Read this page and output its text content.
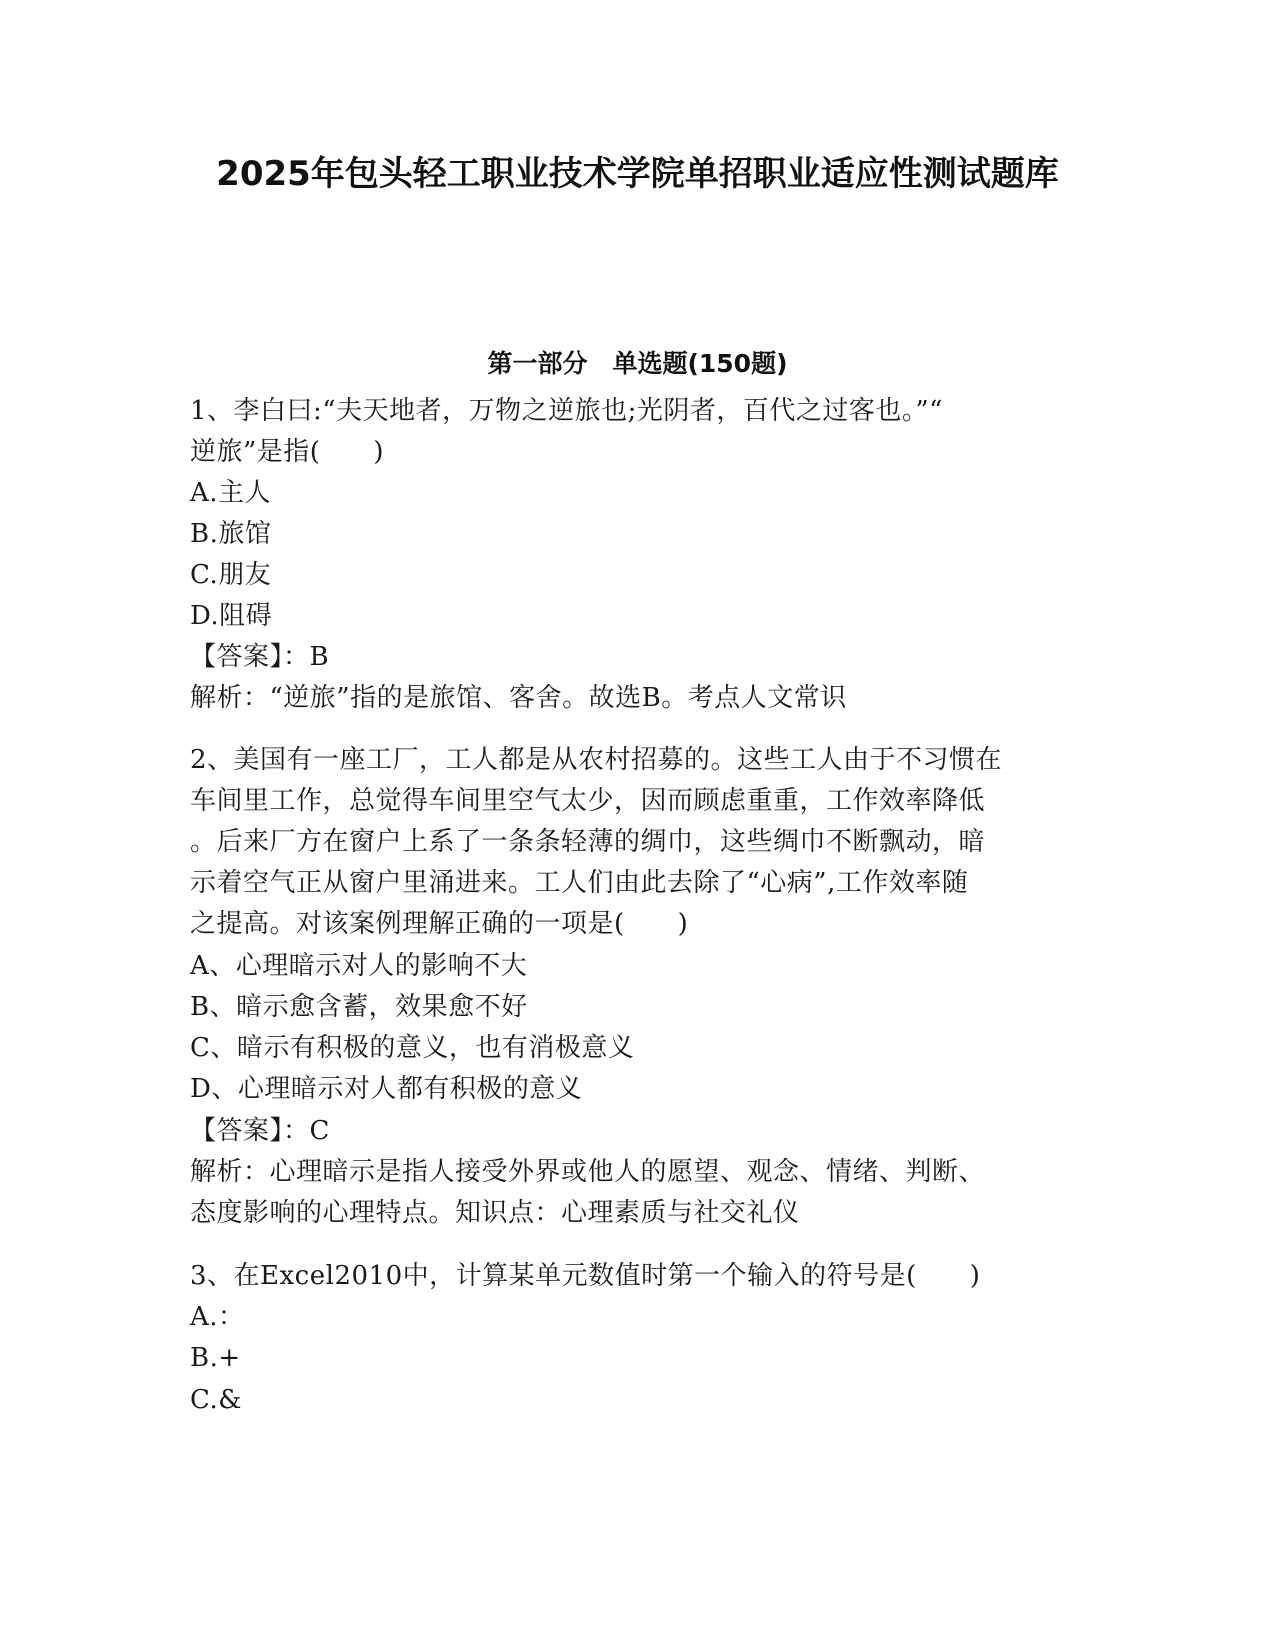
2025年包头轻工职业技术学院单招职业适应性测试题库
第一部分　单选题(150题)
1、李白曰:“夫天地者，万物之逆旅也;光阴者，百代之过客也。”“
逆旅”是指(　　)
A.主人
B.旅馆
C.朋友
D.阻碍
【答案】：B
解析：“逆旅”指的是旅馆、客舍。故选B。考点人文常识
2、美国有一座工厂，工人都是从农村招募的。这些工人由于不习惯在
车间里工作，总觉得车间里空气太少，因而顾虑重重，工作效率降低
。后来厂方在窗户上系了一条条轻薄的绸巾，这些绸巾不断飘动，暗
示着空气正从窗户里涌进来。工人们由此去除了“心病”,工作效率随
之提高。对该案例理解正确的一项是(　　)
A、心理暗示对人的影响不大
B、暗示愈含蓄，效果愈不好
C、暗示有积极的意义，也有消极意义
D、心理暗示对人都有积极的意义
【答案】：C
解析：心理暗示是指人接受外界或他人的愿望、观念、情绪、判断、
态度影响的心理特点。知识点：心理素质与社交礼仪
3、在Excel2010中，计算某单元数值时第一个输入的符号是(　　)
A.：
B.+
C.&
